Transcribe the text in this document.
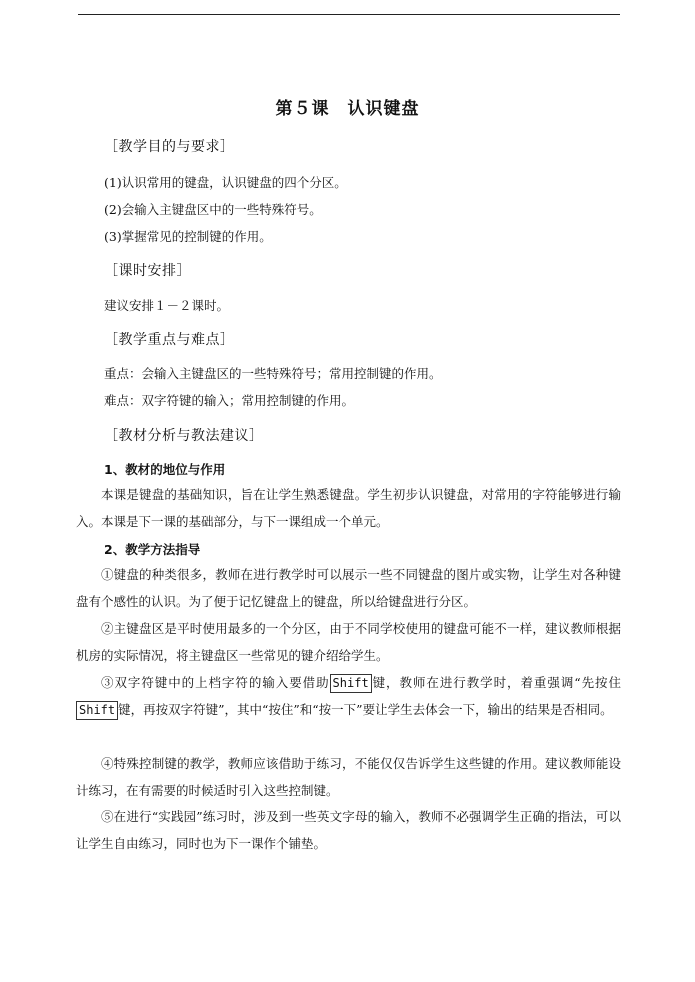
第５课　认识键盘
［教学目的与要求］
(1)认识常用的键盘，认识键盘的四个分区。
(2)会输入主键盘区中的一些特殊符号。
(3)掌握常见的控制键的作用。
［课时安排］
建议安排１－２课时。
［教学重点与难点］
重点：会输入主键盘区的一些特殊符号；常用控制键的作用。
难点：双字符键的输入；常用控制键的作用。
［教材分析与教法建议］
1、教材的地位与作用
本课是键盘的基础知识，旨在让学生熟悉键盘。学生初步认识键盘，对常用的字符能够进行输入。本课是下一课的基础部分，与下一课组成一个单元。
2、教学方法指导
①键盘的种类很多，教师在进行教学时可以展示一些不同键盘的图片或实物，让学生对各种键盘有个感性的认识。为了便于记忆键盘上的键盘，所以给键盘进行分区。
②主键盘区是平时使用最多的一个分区，由于不同学校使用的键盘可能不一样，建议教师根据机房的实际情况，将主键盘区一些常见的键介绍给学生。
③双字符键中的上档字符的输入要借助 Shift 键，教师在进行教学时，着重强调“先按住Shift 键，再按双字符键”，其中“按住”和“按一下”要让学生去体会一下，输出的结果是否相同。
④特殊控制键的教学，教师应该借助于练习，不能仅仅告诉学生这些键的作用。建议教师能设计练习，在有需要的时候适时引入这些控制键。
⑤在进行“实践园”练习时，涉及到一些英文字母的输入，教师不必强调学生正确的指法，可以让学生自由练习，同时也为下一课作个铺垫。
